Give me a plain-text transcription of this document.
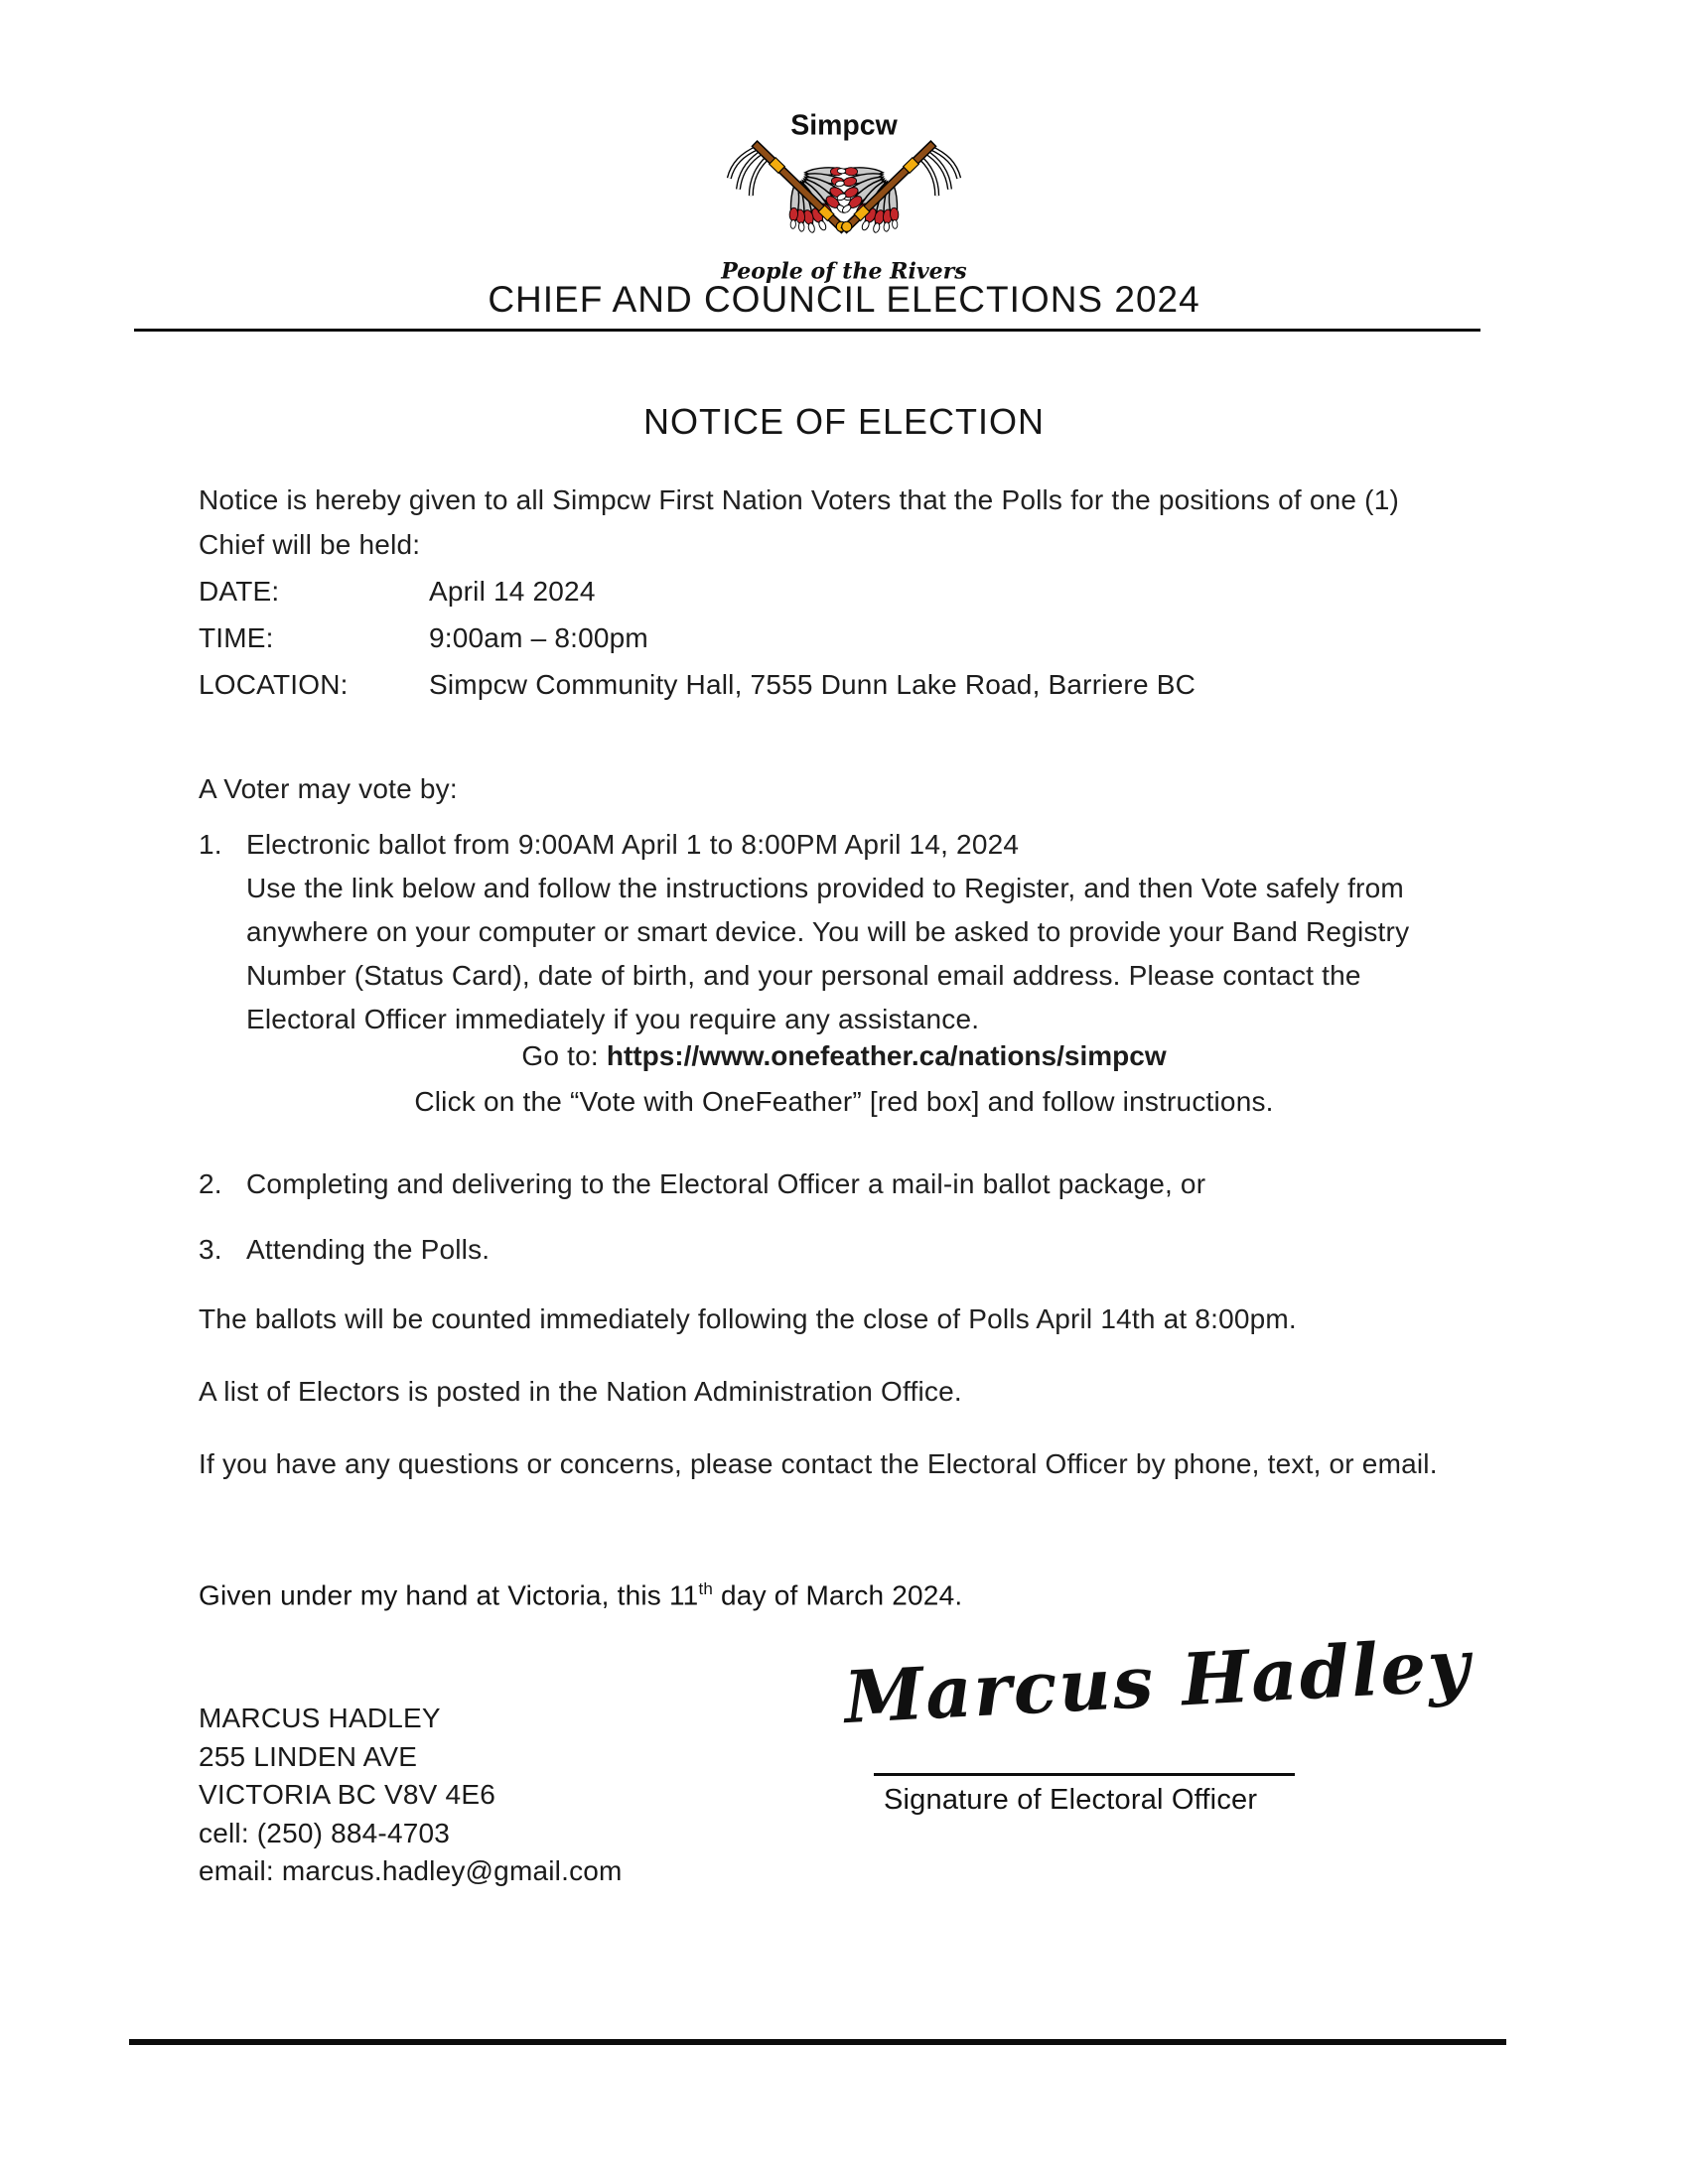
Simpcw
People of the Rivers
CHIEF AND COUNCIL ELECTIONS 2024
NOTICE OF ELECTION
Notice is hereby given to all Simpcw First Nation Voters that the Polls for the positions of one (1)
Chief will be held:
DATE:	April 14 2024
TIME:	9:00am – 8:00pm
LOCATION:	Simpcw Community Hall, 7555 Dunn Lake Road, Barriere BC
A Voter may vote by:
1. Electronic ballot from 9:00AM April 1 to 8:00PM April 14, 2024
Use the link below and follow the instructions provided to Register, and then Vote safely from
anywhere on your computer or smart device. You will be asked to provide your Band Registry
Number (Status Card), date of birth, and your personal email address. Please contact the
Electoral Officer immediately if you require any assistance.
Go to: https://www.onefeather.ca/nations/simpcw
Click on the “Vote with OneFeather” [red box] and follow instructions.
2. Completing and delivering to the Electoral Officer a mail-in ballot package, or
3. Attending the Polls.
The ballots will be counted immediately following the close of Polls April 14th at 8:00pm.
A list of Electors is posted in the Nation Administration Office.
If you have any questions or concerns, please contact the Electoral Officer by phone, text, or email.
Given under my hand at Victoria, this 11th day of March 2024.
MARCUS HADLEY
255 LINDEN AVE
VICTORIA BC V8V 4E6
cell: (250) 884-4703
email: marcus.hadley@gmail.com
Marcus Hadley
Signature of Electoral Officer
